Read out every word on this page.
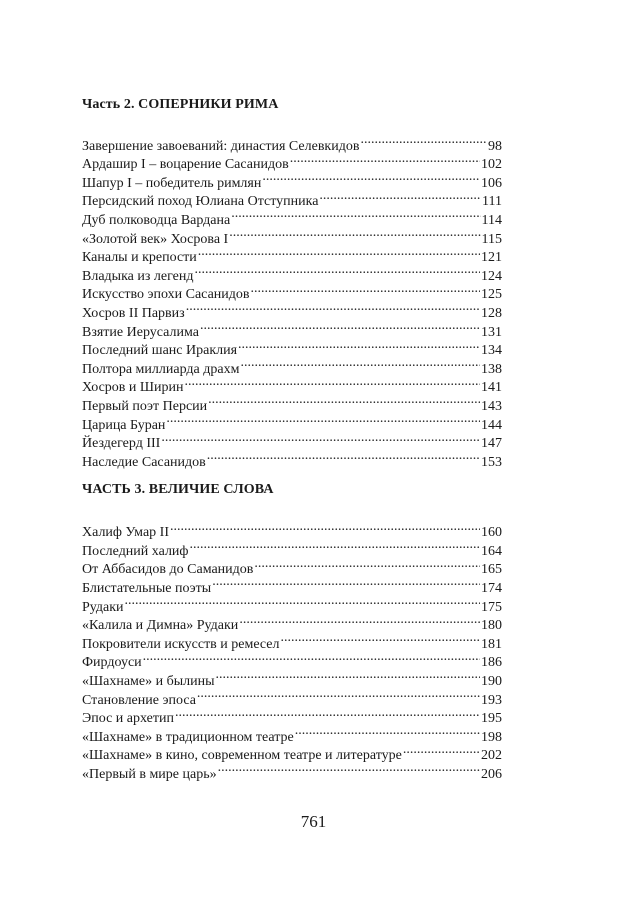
Часть 2. СОПЕРНИКИ РИМА
Завершение завоеваний: династия Селевкидов .....	98
Ардашир I – воцарение Сасанидов .....	102
Шапур I – победитель римлян .....	106
Персидский поход Юлиана Отступника .....	111
Дуб полководца Вардана .....	114
«Золотой век» Хосрова I .....	115
Каналы и крепости .....	121
Владыка из легенд .....	124
Искусство эпохи Сасанидов .....	125
Хосров II Парвиз .....	128
Взятие Иерусалима .....	131
Последний шанс Ираклия .....	134
Полтора миллиарда драхм .....	138
Хосров и Ширин .....	141
Первый поэт Персии .....	143
Царица Буран .....	144
Йездегерд III .....	147
Наследие Сасанидов .....	153
ЧАСТЬ 3. ВЕЛИЧИЕ СЛОВА
Халиф Умар II .....	160
Последний халиф .....	164
От Аббасидов до Саманидов .....	165
Блистательные поэты .....	174
Рудаки .....	175
«Калила и Димна» Рудаки .....	180
Покровители искусств и ремесел .....	181
Фирдоуси .....	186
«Шахнаме» и былины .....	190
Становление эпоса .....	193
Эпос и архетип .....	195
«Шахнаме» в традиционном театре .....	198
«Шахнаме» в кино, современном театре и литературе .....	202
«Первый в мире царь» .....	206
761
